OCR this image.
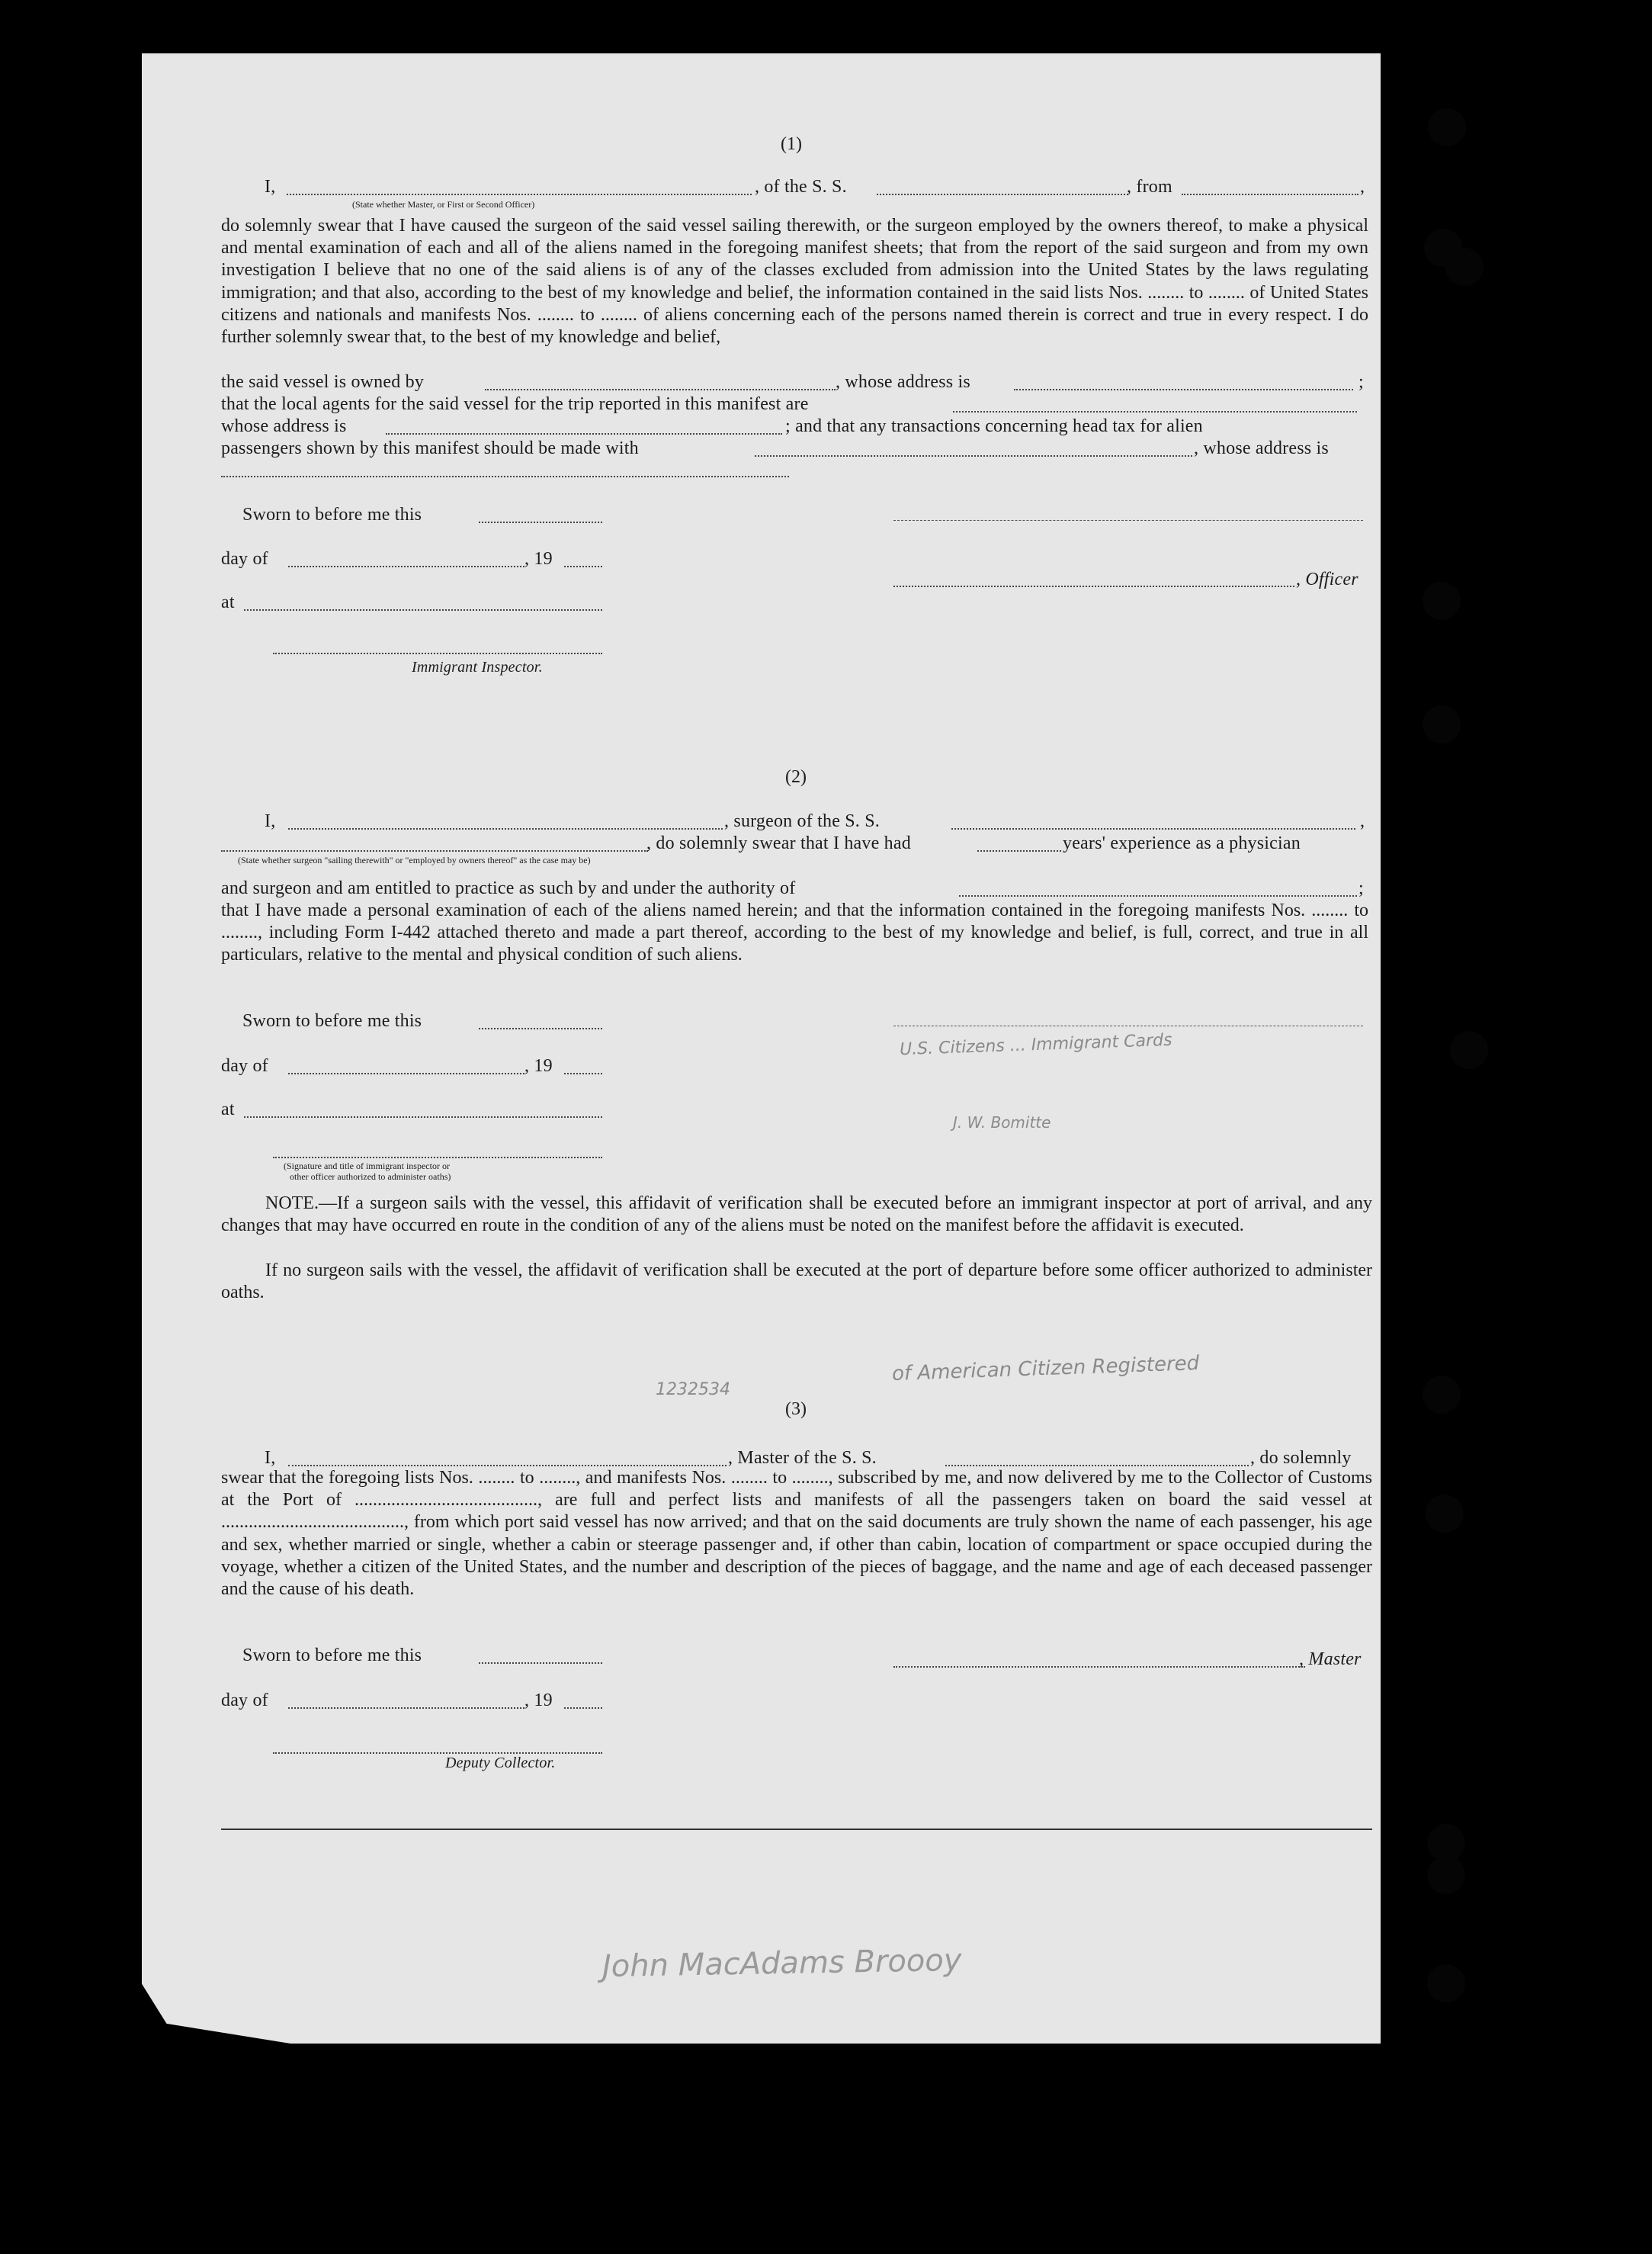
(1)
I,	, of the S. S.	, from	,
(State whether Master, or First or Second Officer)
do solemnly swear that I have caused the surgeon of the said vessel sailing therewith, or the surgeon employed by the owners thereof, to make a physical and mental examination of each and all of the aliens named in the foregoing manifest sheets; that from the report of the said surgeon and from my own investigation I believe that no one of the said aliens is of any of the classes excluded from admission into the United States by the laws regulating immigration; and that also, according to the best of my knowledge and belief, the information contained in the said lists Nos. ........ to ........ of United States citizens and nationals and manifests Nos. ........ to ........ of aliens concerning each of the persons named therein is correct and true in every respect. I do further solemnly swear that, to the best of my knowledge and belief,
the said vessel is owned by	, whose address is	;
that the local agents for the said vessel for the trip reported in this manifest are
whose address is	; and that any transactions concerning head tax for alien
passengers shown by this manifest should be made with	, whose address is
Sworn to before me this
day of	, 19
, Officer
at
Immigrant Inspector.
(2)
I,	, surgeon of the S. S.	,
, do solemnly swear that I have had	years' experience as a physician
(State whether surgeon "sailing therewith" or "employed by owners thereof" as the case may be)
and surgeon and am entitled to practice as such by and under the authority of	;
that I have made a personal examination of each of the aliens named herein; and that the information contained in the foregoing manifests Nos. ........ to ........, including Form I-442 attached thereto and made a part thereof, according to the best of my knowledge and belief, is full, correct, and true in all particulars, relative to the mental and physical condition of such aliens.
Sworn to before me this
day of	, 19
at
(Signature and title of immigrant inspector or
other officer authorized to administer oaths)
NOTE.—If a surgeon sails with the vessel, this affidavit of verification shall be executed before an immigrant inspector at port of arrival, and any changes that may have occurred en route in the condition of any of the aliens must be noted on the manifest before the affidavit is executed.
If no surgeon sails with the vessel, the affidavit of verification shall be executed at the port of departure before some officer authorized to administer oaths.
(3)
I,	, Master of the S. S.	, do solemnly
swear that the foregoing lists Nos. ........ to ........, and manifests Nos. ........ to ........, subscribed by me, and now delivered by me to the Collector of Customs at the Port of ........................................, are full and perfect lists and manifests of all the passengers taken on board the said vessel at ........................................, from which port said vessel has now arrived; and that on the said documents are truly shown the name of each passenger, his age and sex, whether married or single, whether a cabin or steerage passenger and, if other than cabin, location of compartment or space occupied during the voyage, whether a citizen of the United States, and the number and description of the pieces of baggage, and the name and age of each deceased passenger and the cause of his death.
Sworn to before me this	, Master
day of	, 19
Deputy Collector.
U.S. Citizens ... Immigrant Cards
J. W. Bomitte
1232534
of American Citizen Registered
John MacAdams Broooy
